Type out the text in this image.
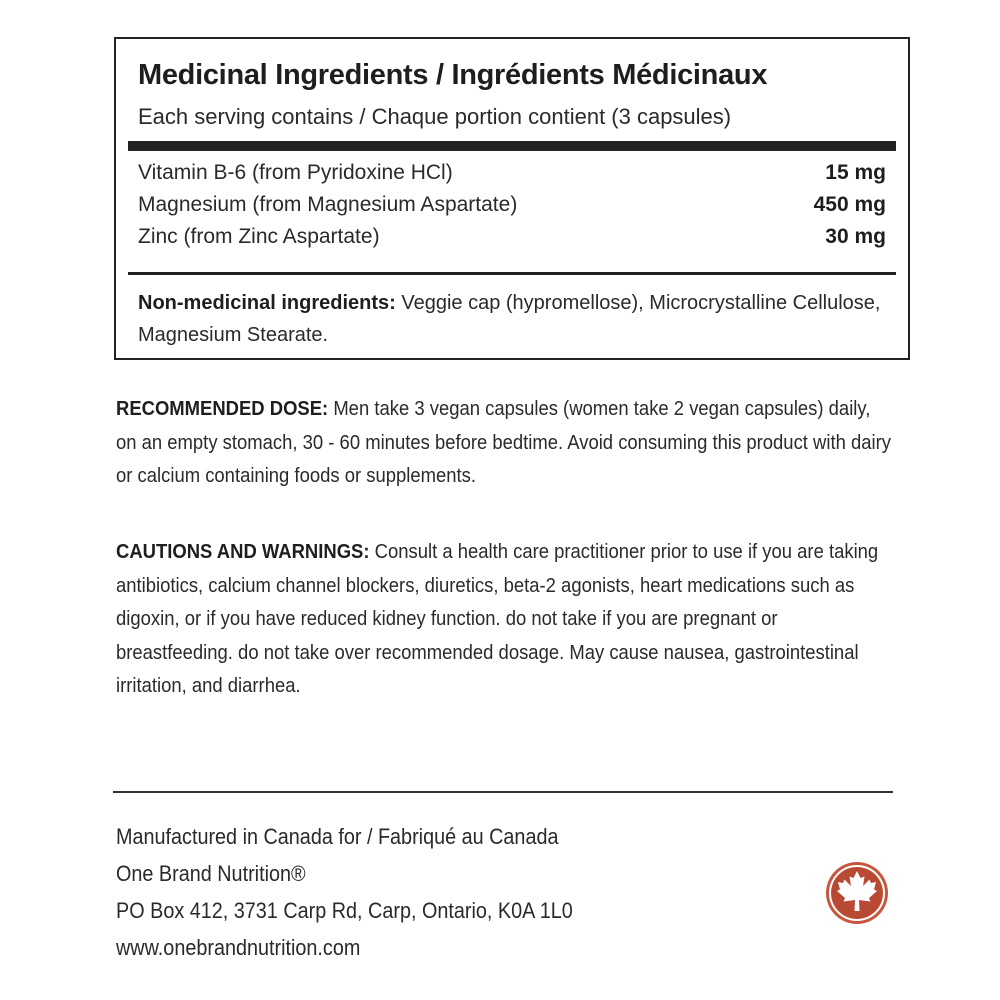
Medicinal Ingredients / Ingrédients Médicinaux
Each serving contains / Chaque portion contient (3 capsules)
Vitamin B-6 (from Pyridoxine HCl)	15 mg
Magnesium (from Magnesium Aspartate)	450 mg
Zinc (from Zinc Aspartate)	30 mg
Non-medicinal ingredients: Veggie cap (hypromellose), Microcrystalline Cellulose, Magnesium Stearate.
RECOMMENDED DOSE: Men take 3 vegan capsules (women take 2 vegan capsules) daily, on an empty stomach, 30 - 60 minutes before bedtime. Avoid consuming this product with dairy or calcium containing foods or supplements.
CAUTIONS AND WARNINGS: Consult a health care practitioner prior to use if you are taking antibiotics, calcium channel blockers, diuretics, beta-2 agonists, heart medications such as digoxin, or if you have reduced kidney function. do not take if you are pregnant or breastfeeding. do not take over recommended dosage. May cause nausea, gastrointestinal irritation, and diarrhea.
Manufactured in Canada for / Fabriqué au Canada
One Brand Nutrition®
PO Box 412, 3731 Carp Rd, Carp, Ontario, K0A 1L0
www.onebrandnutrition.com
